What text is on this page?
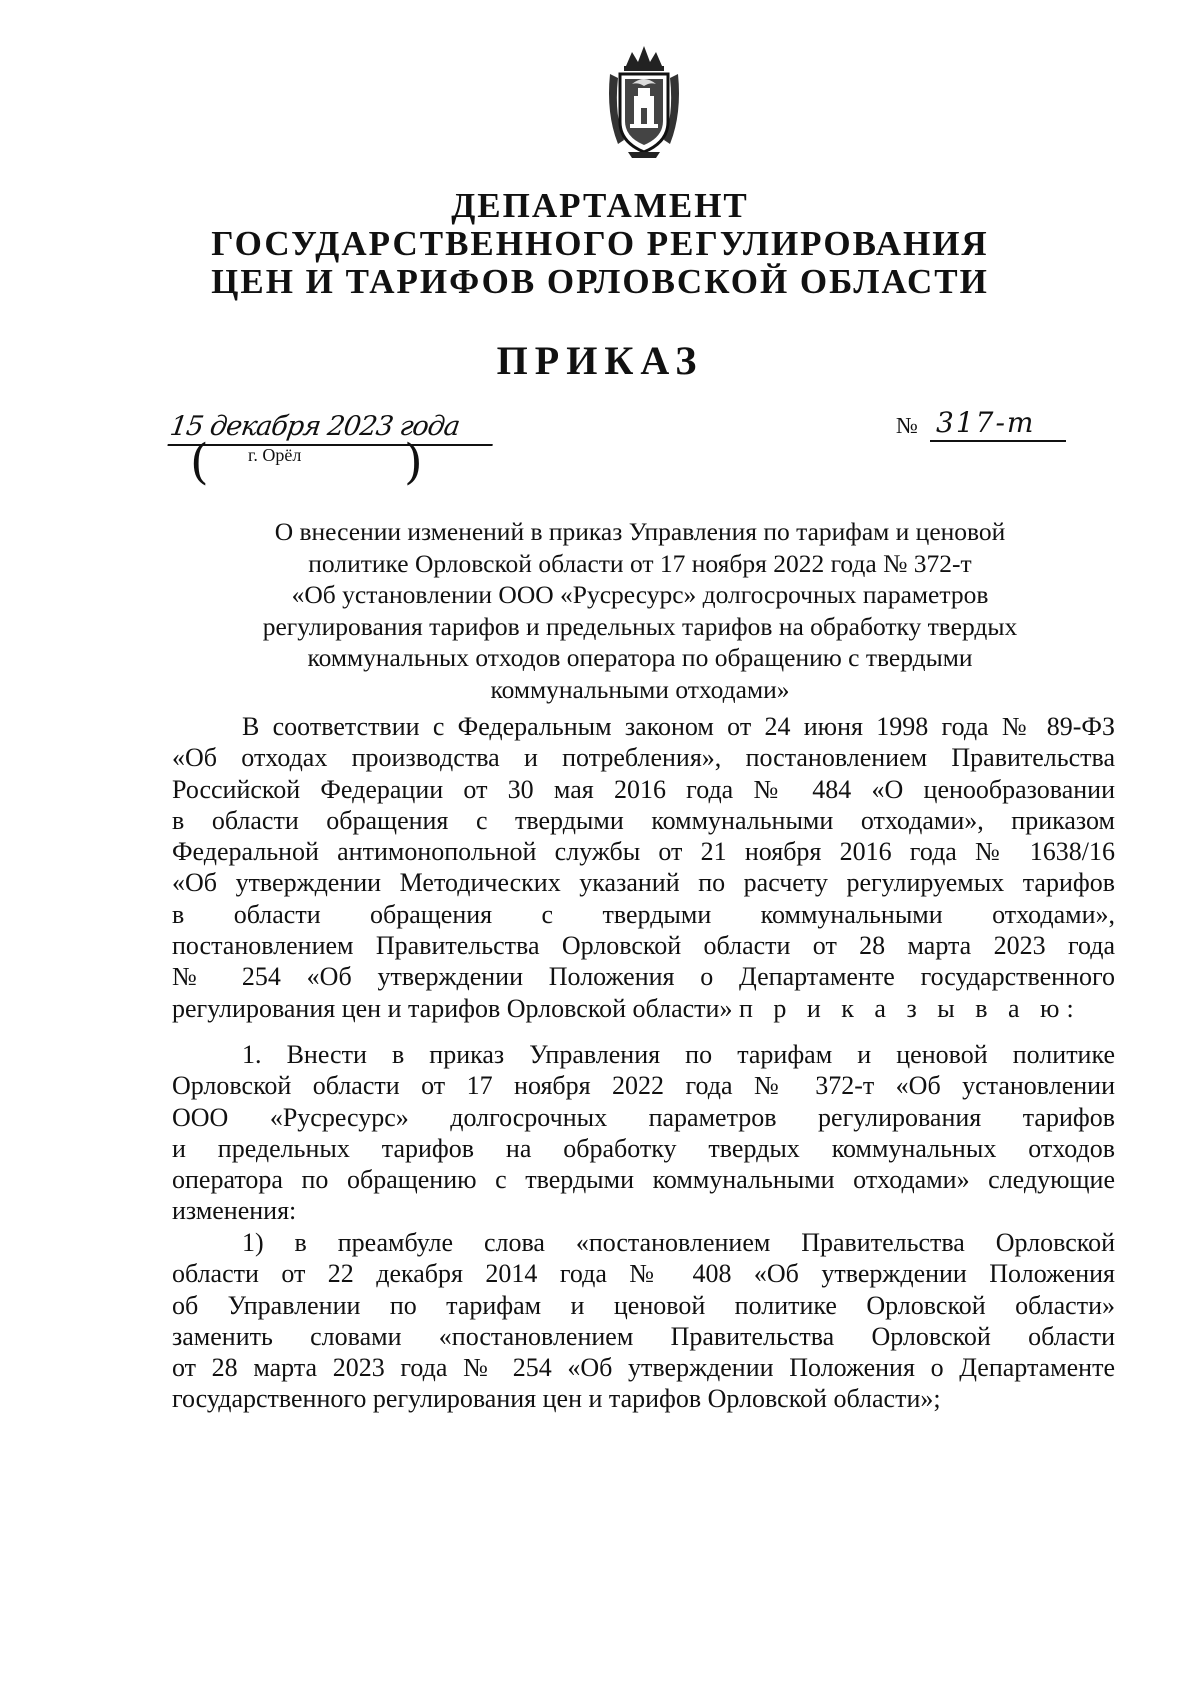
ДЕПАРТАМЕНТ
ГОСУДАРСТВЕННОГО РЕГУЛИРОВАНИЯ
ЦЕН И ТАРИФОВ ОРЛОВСКОЙ ОБЛАСТИ
ПРИКАЗ
15 декабря 2023 года
( г. Орёл )
№ 317-т
О внесении изменений в приказ Управления по тарифам и ценовой
политике Орловской области от 17 ноября 2022 года № 372-т
«Об установлении ООО «Русресурс» долгосрочных параметров
регулирования тарифов и предельных тарифов на обработку твердых
коммунальных отходов оператора по обращению с твердыми
коммунальными отходами»
В соответствии с Федеральным законом от 24 июня 1998 года № 89-ФЗ
«Об отходах производства и потребления», постановлением Правительства
Российской Федерации от 30 мая 2016 года № 484 «О ценообразовании
в области обращения с твердыми коммунальными отходами», приказом
Федеральной антимонопольной службы от 21 ноября 2016 года № 1638/16
«Об утверждении Методических указаний по расчету регулируемых тарифов
в области обращения с твердыми коммунальными отходами»,
постановлением Правительства Орловской области от 28 марта 2023 года
№ 254 «Об утверждении Положения о Департаменте государственного
регулирования цен и тарифов Орловской области» п р и к а з ы в а ю:
1. Внести в приказ Управления по тарифам и ценовой политике
Орловской области от 17 ноября 2022 года № 372-т «Об установлении
ООО «Русресурс» долгосрочных параметров регулирования тарифов
и предельных тарифов на обработку твердых коммунальных отходов
оператора по обращению с твердыми коммунальными отходами» следующие
изменения:
1) в преамбуле слова «постановлением Правительства Орловской
области от 22 декабря 2014 года № 408 «Об утверждении Положения
об Управлении по тарифам и ценовой политике Орловской области»
заменить словами «постановлением Правительства Орловской области
от 28 марта 2023 года № 254 «Об утверждении Положения о Департаменте
государственного регулирования цен и тарифов Орловской области»;
